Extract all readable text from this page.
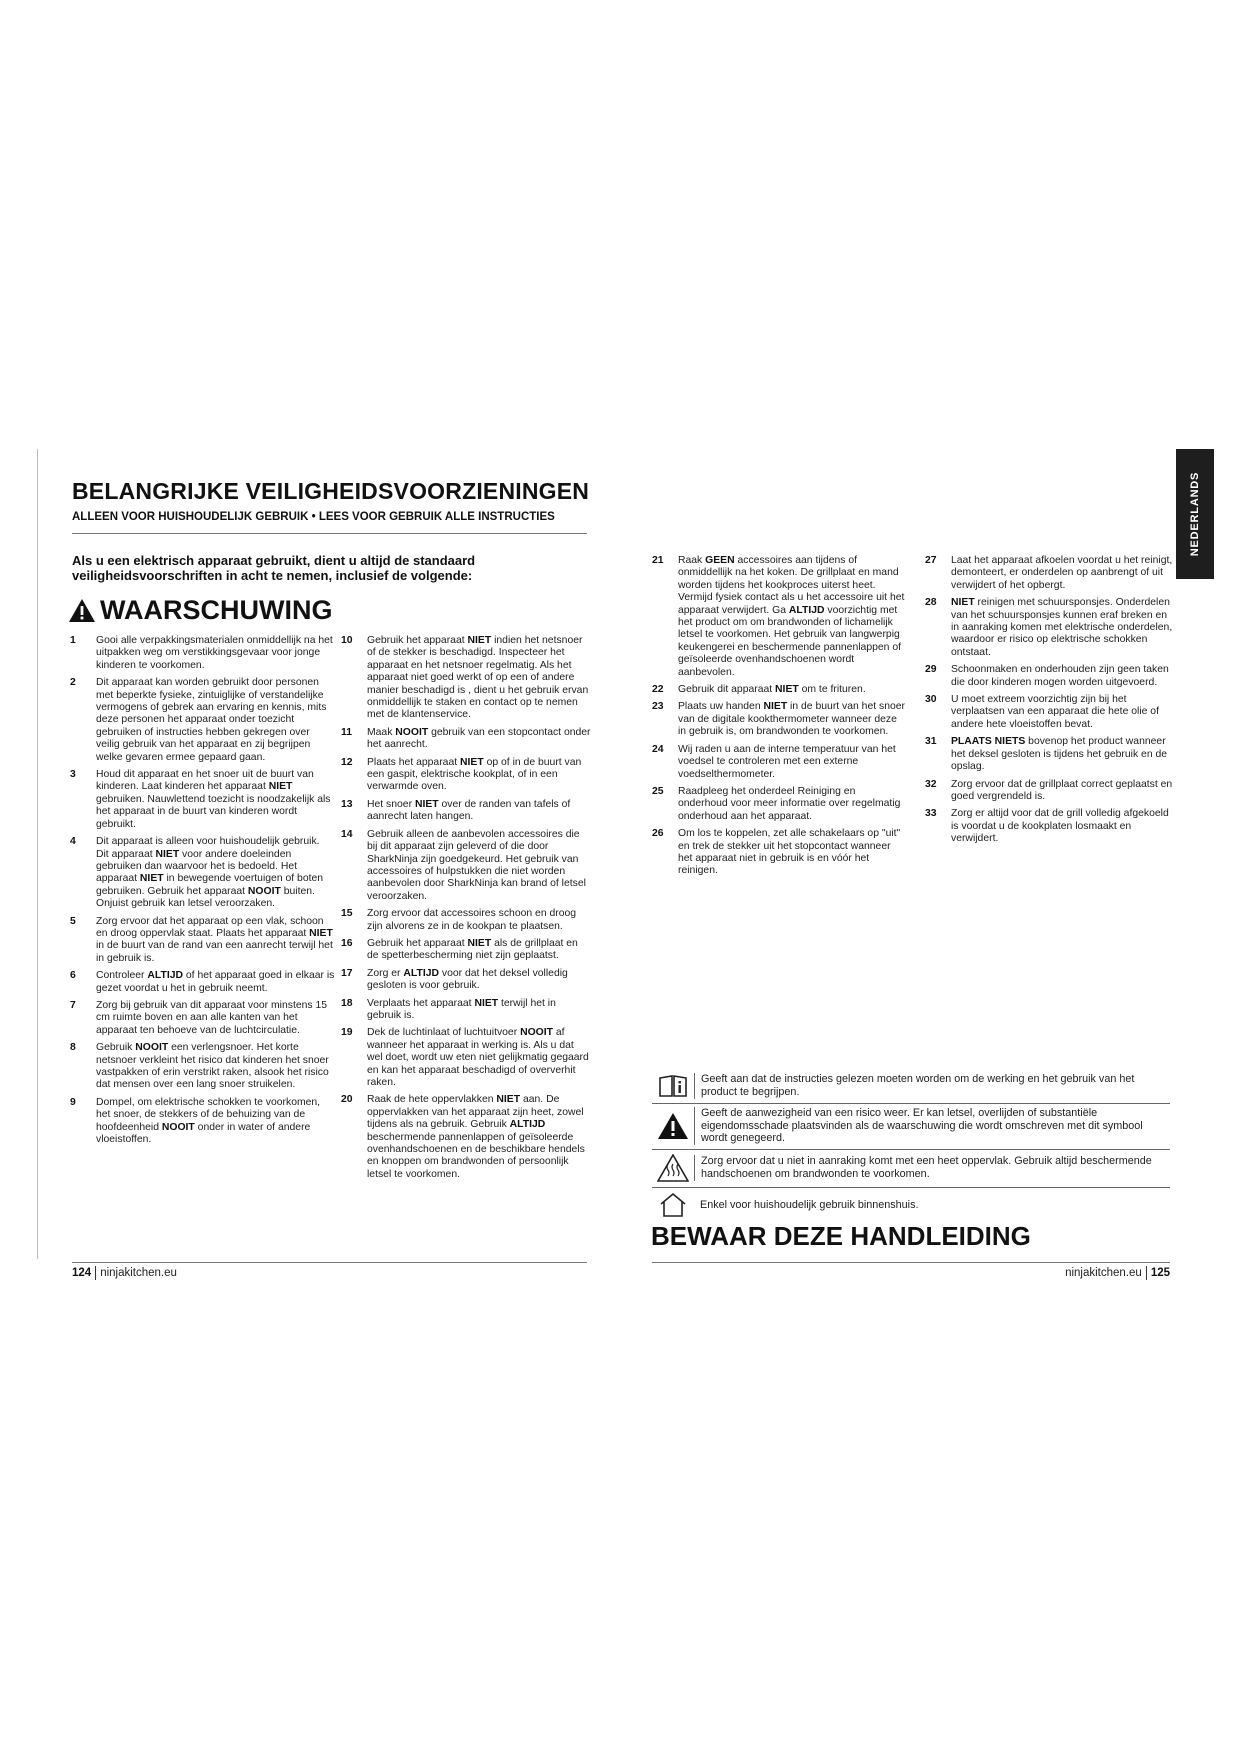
NEDERLANDS
BELANGRIJKE VEILIGHEIDSVOORZIENINGEN
ALLEEN VOOR HUISHOUDELIJK GEBRUIK • LEES VOOR GEBRUIK ALLE INSTRUCTIES
Als u een elektrisch apparaat gebruikt, dient u altijd de standaard veiligheidsvoorschriften in acht te nemen, inclusief de volgende:
WAARSCHUWING
1	Gooi alle verpakkingsmaterialen onmiddellijk na het uitpakken weg om verstikkingsgevaar voor jonge kinderen te voorkomen.
2	Dit apparaat kan worden gebruikt door personen met beperkte fysieke, zintuiglijke of verstandelijke vermogens of gebrek aan ervaring en kennis, mits deze personen het apparaat onder toezicht gebruiken of instructies hebben gekregen over veilig gebruik van het apparaat en zij begrijpen welke gevaren ermee gepaard gaan.
3	Houd dit apparaat en het snoer uit de buurt van kinderen. Laat kinderen het apparaat NIET gebruiken. Nauwlettend toezicht is noodzakelijk als het apparaat in de buurt van kinderen wordt gebruikt.
4	Dit apparaat is alleen voor huishoudelijk gebruik. Dit apparaat NIET voor andere doeleinden gebruiken dan waarvoor het is bedoeld. Het apparaat NIET in bewegende voertuigen of boten gebruiken. Gebruik het apparaat NOOIT buiten. Onjuist gebruik kan letsel veroorzaken.
5	Zorg ervoor dat het apparaat op een vlak, schoon en droog oppervlak staat. Plaats het apparaat NIET in de buurt van de rand van een aanrecht terwijl het in gebruik is.
6	Controleer ALTIJD of het apparaat goed in elkaar is gezet voordat u het in gebruik neemt.
7	Zorg bij gebruik van dit apparaat voor minstens 15 cm ruimte boven en aan alle kanten van het apparaat ten behoeve van de luchtcirculatie.
8	Gebruik NOOIT een verlengsnoer. Het korte netsnoer verkleint het risico dat kinderen het snoer vastpakken of erin verstrikt raken, alsook het risico dat mensen over een lang snoer struikelen.
9	Dompel, om elektrische schokken te voorkomen, het snoer, de stekkers of de behuizing van de hoofdeenheid NOOIT onder in water of andere vloeistoffen.
10	Gebruik het apparaat NIET indien het netsnoer of de stekker is beschadigd. Inspecteer het apparaat en het netsnoer regelmatig. Als het apparaat niet goed werkt of op een of andere manier beschadigd is , dient u het gebruik ervan onmiddellijk te staken en contact op te nemen met de klantenservice.
11	Maak NOOIT gebruik van een stopcontact onder het aanrecht.
12	Plaats het apparaat NIET op of in de buurt van een gaspit, elektrische kookplat, of in een verwarmde oven.
13	Het snoer NIET over de randen van tafels of aanrecht laten hangen.
14	Gebruik alleen de aanbevolen accessoires die bij dit apparaat zijn geleverd of die door SharkNinja zijn goedgekeurd. Het gebruik van accessoires of hulpstukken die niet worden aanbevolen door SharkNinja kan brand of letsel veroorzaken.
15	Zorg ervoor dat accessoires schoon en droog zijn alvorens ze in de kookpan te plaatsen.
16	Gebruik het apparaat NIET als de grillplaat en de spetterbescherming niet zijn geplaatst.
17	Zorg er ALTIJD voor dat het deksel volledig gesloten is voor gebruik.
18	Verplaats het apparaat NIET terwijl het in gebruik is.
19	Dek de luchtinlaat of luchtuitvoer NOOIT af wanneer het apparaat in werking is. Als u dat wel doet, wordt uw eten niet gelijkmatig gegaard en kan het apparaat beschadigd of oververhit raken.
20	Raak de hete oppervlakken NIET aan. De oppervlakken van het apparaat zijn heet, zowel tijdens als na gebruik. Gebruik ALTIJD beschermende pannenlappen of geïsoleerde ovenhandschoenen en de beschikbare hendels en knoppen om brandwonden of persoonlijk letsel te voorkomen.
21	Raak GEEN accessoires aan tijdens of onmiddellijk na het koken. De grillplaat en mand worden tijdens het kookproces uiterst heet. Vermijd fysiek contact als u het accessoire uit het apparaat verwijdert. Ga ALTIJD voorzichtig met het product om om brandwonden of lichamelijk letsel te voorkomen. Het gebruik van langwerpig keukengerei en beschermende pannenlappen of geïsoleerde ovenhandschoenen wordt aanbevolen.
22	Gebruik dit apparaat NIET om te frituren.
23	Plaats uw handen NIET in de buurt van het snoer van de digitale kookthermometer wanneer deze in gebruik is, om brandwonden te voorkomen.
24	Wij raden u aan de interne temperatuur van het voedsel te controleren met een externe voedselthermometer.
25	Raadpleeg het onderdeel Reiniging en onderhoud voor meer informatie over regelmatig onderhoud aan het apparaat.
26	Om los te koppelen, zet alle schakelaars op "uit" en trek de stekker uit het stopcontact wanneer het apparaat niet in gebruik is en vóór het reinigen.
27	Laat het apparaat afkoelen voordat u het reinigt, demonteert, er onderdelen op aanbrengt of uit verwijdert of het opbergt.
28	NIET reinigen met schuursponsjes. Onderdelen van het schuursponsjes kunnen eraf breken en in aanraking komen met elektrische onderdelen, waardoor er risico op elektrische schokken ontstaat.
29	Schoonmaken en onderhouden zijn geen taken die door kinderen mogen worden uitgevoerd.
30	U moet extreem voorzichtig zijn bij het verplaatsen van een apparaat die hete olie of andere hete vloeistoffen bevat.
31	PLAATS NIETS bovenop het product wanneer het deksel gesloten is tijdens het gebruik en de opslag.
32	Zorg ervoor dat de grillplaat correct geplaatst en goed vergrendeld is.
33	Zorg er altijd voor dat de grill volledig afgekoeld is voordat u de kookplaten losmaakt en verwijdert.
Geeft aan dat de instructies gelezen moeten worden om de werking en het gebruik van het product te begrijpen.
Geeft de aanwezigheid van een risico weer. Er kan letsel, overlijden of substantiële eigendomsschade plaatsvinden als de waarschuwing die wordt omschreven met dit symbool wordt genegeerd.
Zorg ervoor dat u niet in aanraking komt met een heet oppervlak. Gebruik altijd beschermende handschoenen om brandwonden te voorkomen.
Enkel voor huishoudelijk gebruik binnenshuis.
BEWAAR DEZE HANDLEIDING
124 ninjakitchen.eu	ninjakitchen.eu 125
